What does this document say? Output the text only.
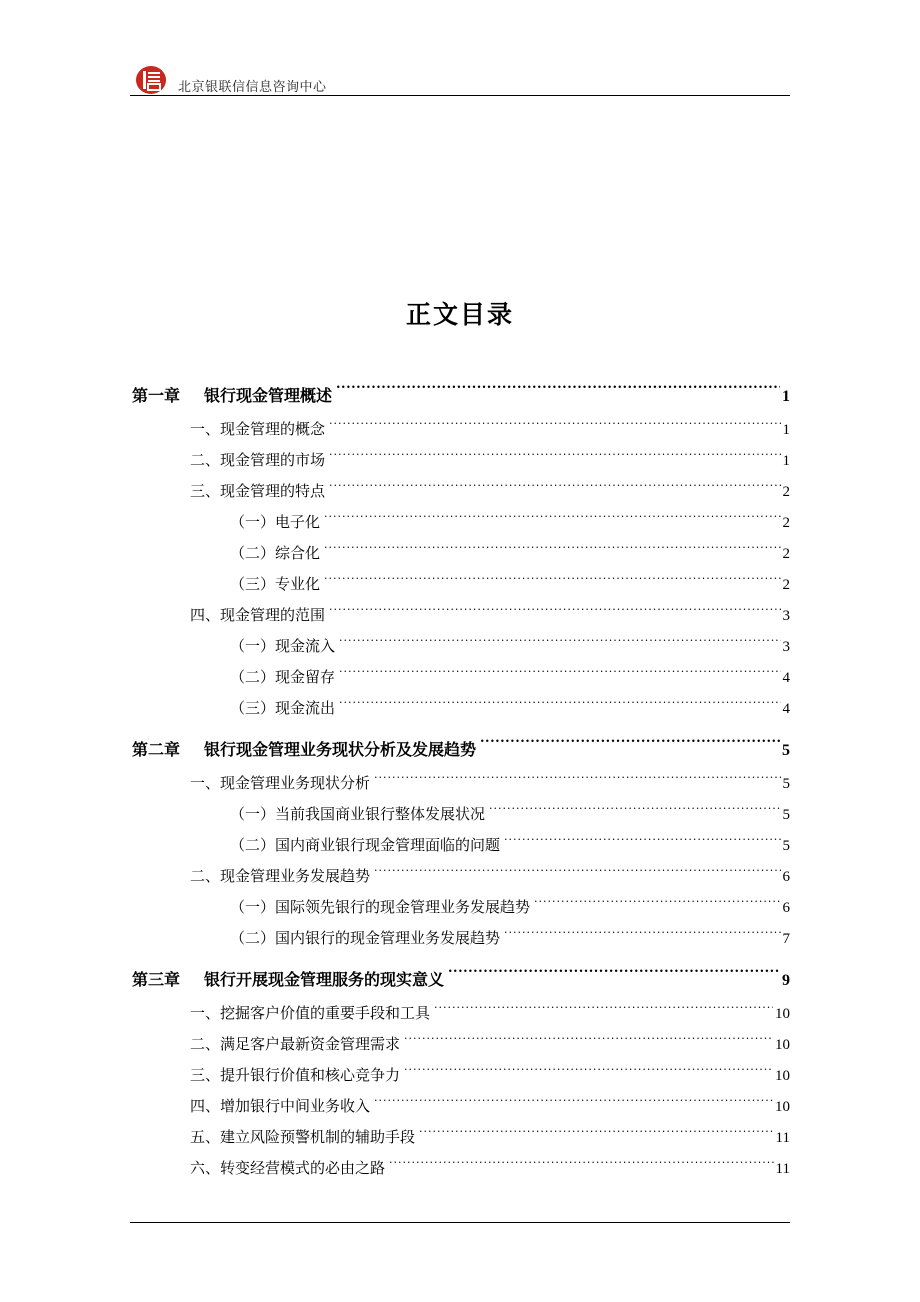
北京银联信信息咨询中心
正文目录
第一章 银行现金管理概述 .....	1
一、现金管理的概念 .....	1
二、现金管理的市场 .....	1
三、现金管理的特点 .....	2
（一）电子化 .....	2
（二）综合化 .....	2
（三）专业化 .....	2
四、现金管理的范围 .....	3
（一）现金流入 .....	3
（二）现金留存 .....	4
（三）现金流出 .....	4
第二章 银行现金管理业务现状分析及发展趋势 .....	5
一、现金管理业务现状分析 .....	5
（一）当前我国商业银行整体发展状况 .....	5
（二）国内商业银行现金管理面临的问题 .....	5
二、现金管理业务发展趋势 .....	6
（一）国际领先银行的现金管理业务发展趋势 .....	6
（二）国内银行的现金管理业务发展趋势 .....	7
第三章 银行开展现金管理服务的现实意义 .....	9
一、挖掘客户价值的重要手段和工具 .....	10
二、满足客户最新资金管理需求 .....	10
三、提升银行价值和核心竞争力 .....	10
四、增加银行中间业务收入 .....	10
五、建立风险预警机制的辅助手段 .....	11
六、转变经营模式的必由之路 .....	11
